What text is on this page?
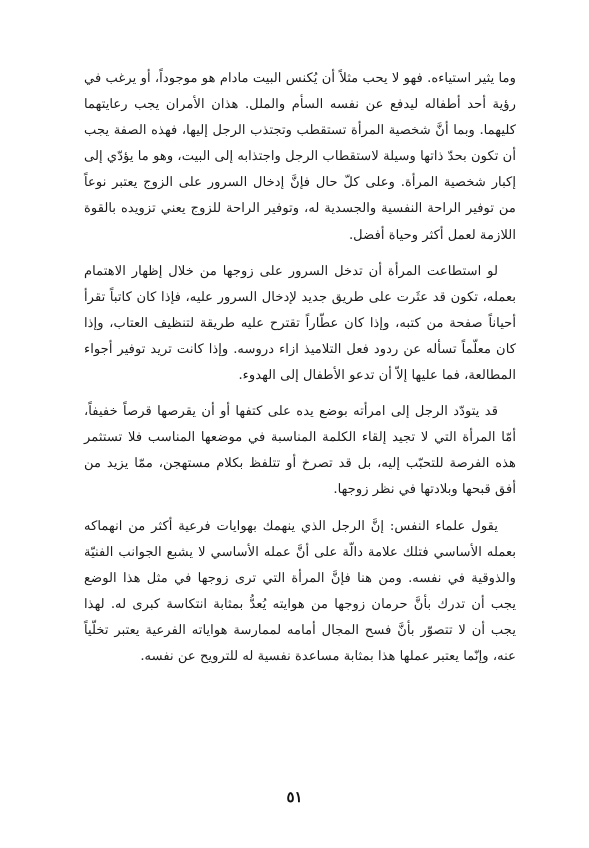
وما يثير استياءه. فهو لا يحب مثلاً أن يُكنس البيت مادام هو موجوداً، أو يرغب في رؤية أحد أطفاله ليدفع عن نفسه السأم والملل. هذان الأمران يجب رعايتهما كليهما. وبما أنَّ شخصية المرأة تستقطب وتجتذب الرجل إليها، فهذه الصفة يجب أن تكون بحدّ ذاتها وسيلة لاستقطاب الرجل واجتذابه إلى البيت، وهو ما يؤدّي إلى إكبار شخصية المرأة. وعلى كلّ حال فإنَّ إدخال السرور على الزوج يعتبر نوعاً من توفير الراحة النفسية والجسدية له، وتوفير الراحة للزوج يعني تزويده بالقوة اللازمة لعمل أكثر وحياة أفضل.

لو استطاعت المرأة أن تدخل السرور على زوجها من خلال إظهار الاهتمام بعمله، تكون قد عثَرت على طريق جديد لإدخال السرور عليه، فإذا كان كاتباً تقرأ أحياناً صفحة من كتبه، وإذا كان عطّاراً تقترح عليه طريقة لتنظيف العتاب، وإذا كان معلّماً تسأله عن ردود فعل التلاميذ ازاء دروسه. وإذا كانت تريد توفير أجواء المطالعة، فما عليها إلاّ أن تدعو الأطفال إلى الهدوء.

قد يتودّد الرجل إلى امرأته بوضع يده على كتفها أو أن يقرصها قرصاً خفيفاً، أمّا المرأة التي لا تجيد إلقاء الكلمة المناسبة في موضعها المناسب فلا تستثمر هذه الفرصة للتحبّب إليه، بل قد تصرخ أو تتلفظ بكلام مستهجن، ممّا يزيد من أفق قبحها وبلادتها في نظر زوجها.

يقول علماء النفس: إنَّ الرجل الذي ينهمك بهوايات فرعية أكثر من انهماكه بعمله الأساسي فتلك علامة دالّة على أنَّ عمله الأساسي لا يشبع الجوانب الفنيّة والذوقية في نفسه. ومن هنا فإنَّ المرأة التي ترى زوجها في مثل هذا الوضع يجب أن تدرك بأنَّ حرمان زوجها من هوايته يُعدُّ بمثابة انتكاسة كبرى له. لهذا يجب أن لا تتصوّر بأنَّ فسح المجال أمامه لممارسة هواياته الفرعية يعتبر تخلّياً عنه، وإنّما يعتبر عملها هذا بمثابة مساعدة نفسية له للترويح عن نفسه.

٥١
